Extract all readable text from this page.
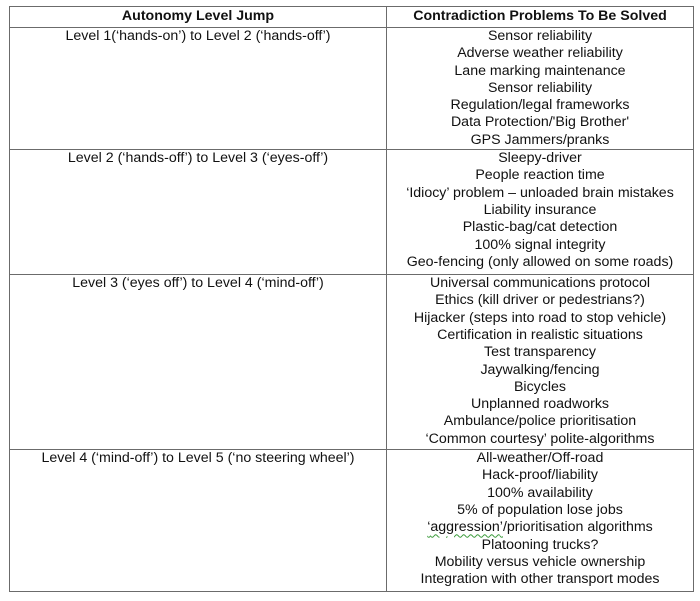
Autonomy Level Jump	Contradiction Problems To Be Solved
Level 1(‘hands-on’) to Level 2 (‘hands-off’)	Sensor reliability
Adverse weather reliability
Lane marking maintenance
Sensor reliability
Regulation/legal frameworks
Data Protection/'Big Brother'
GPS Jammers/pranks

Level 2 (‘hands-off’) to Level 3 (‘eyes-off’)	Sleepy-driver
People reaction time
‘Idiocy’ problem – unloaded brain mistakes
Liability insurance
Plastic-bag/cat detection
100% signal integrity
Geo-fencing (only allowed on some roads)

Level 3 (‘eyes off’) to Level 4 (‘mind-off’)	Universal communications protocol
Ethics (kill driver or pedestrians?)
Hijacker (steps into road to stop vehicle)
Certification in realistic situations
Test transparency
Jaywalking/fencing
Bicycles
Unplanned roadworks
Ambulance/police prioritisation
‘Common courtesy’ polite-algorithms

Level 4 (‘mind-off’) to Level 5 (‘no steering wheel’)	All-weather/Off-road
Hack-proof/liability
100% availability
5% of population lose jobs
‘aggression’/prioritisation algorithms
Platooning trucks?
Mobility versus vehicle ownership
Integration with other transport modes
